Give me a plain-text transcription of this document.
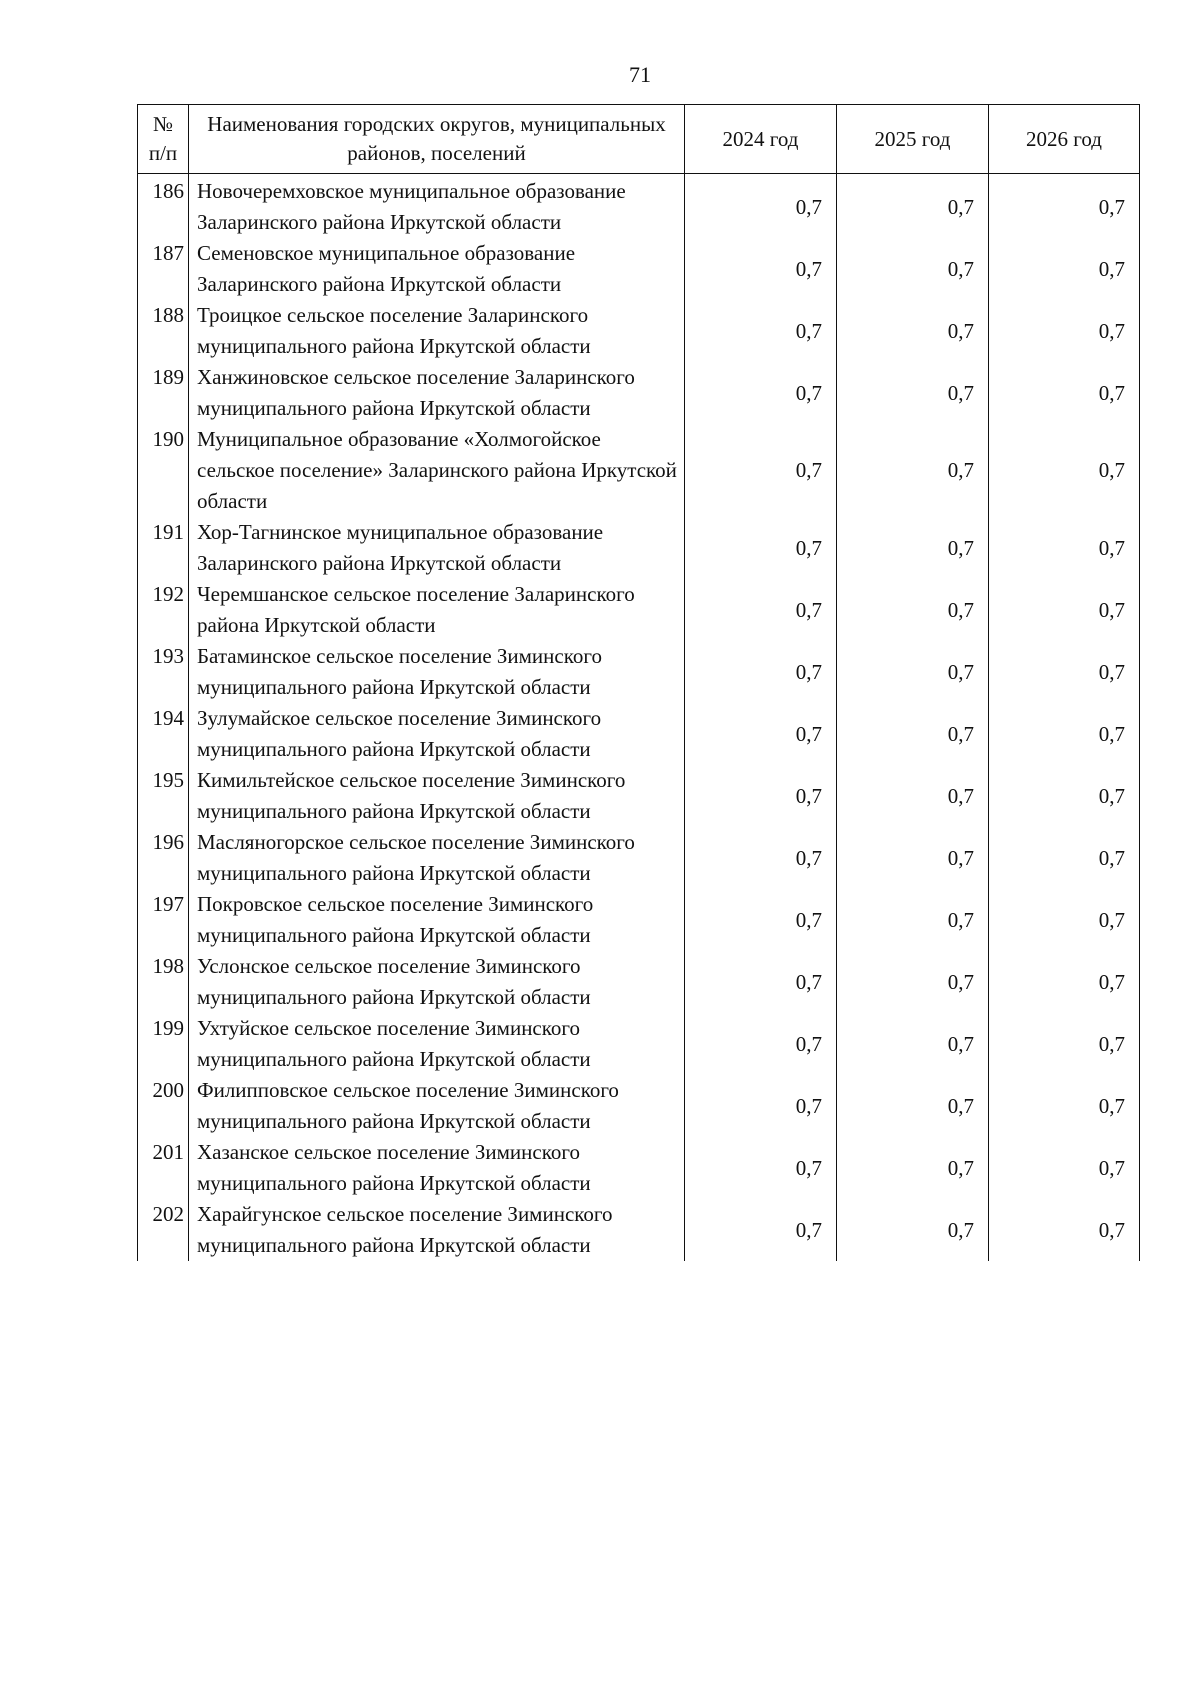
71
№ п/п	Наименования городских округов, муниципальных районов, поселений	2024 год	2025 год	2026 год
186	Новочеремховское муниципальное образование Заларинского района Иркутской области	0,7	0,7	0,7
187	Семеновское муниципальное образование Заларинского района Иркутской области	0,7	0,7	0,7
188	Троицкое сельское поселение Заларинского муниципального района Иркутской области	0,7	0,7	0,7
189	Ханжиновское сельское поселение Заларинского муниципального района Иркутской области	0,7	0,7	0,7
190	Муниципальное образование «Холмогойское сельское поселение» Заларинского района Иркутской области	0,7	0,7	0,7
191	Хор-Тагнинское муниципальное образование Заларинского района Иркутской области	0,7	0,7	0,7
192	Черемшанское сельское поселение Заларинского района Иркутской области	0,7	0,7	0,7
193	Батаминское сельское поселение Зиминского муниципального района Иркутской области	0,7	0,7	0,7
194	Зулумайское сельское поселение Зиминского муниципального района Иркутской области	0,7	0,7	0,7
195	Кимильтейское сельское поселение Зиминского муниципального района Иркутской области	0,7	0,7	0,7
196	Масляногорское сельское поселение Зиминского муниципального района Иркутской области	0,7	0,7	0,7
197	Покровское сельское поселение Зиминского муниципального района Иркутской области	0,7	0,7	0,7
198	Услонское сельское поселение Зиминского муниципального района Иркутской области	0,7	0,7	0,7
199	Ухтуйское сельское поселение Зиминского муниципального района Иркутской области	0,7	0,7	0,7
200	Филипповское сельское поселение Зиминского муниципального района Иркутской области	0,7	0,7	0,7
201	Хазанское сельское поселение Зиминского муниципального района Иркутской области	0,7	0,7	0,7
202	Харайгунское сельское поселение Зиминского муниципального района Иркутской области	0,7	0,7	0,7
